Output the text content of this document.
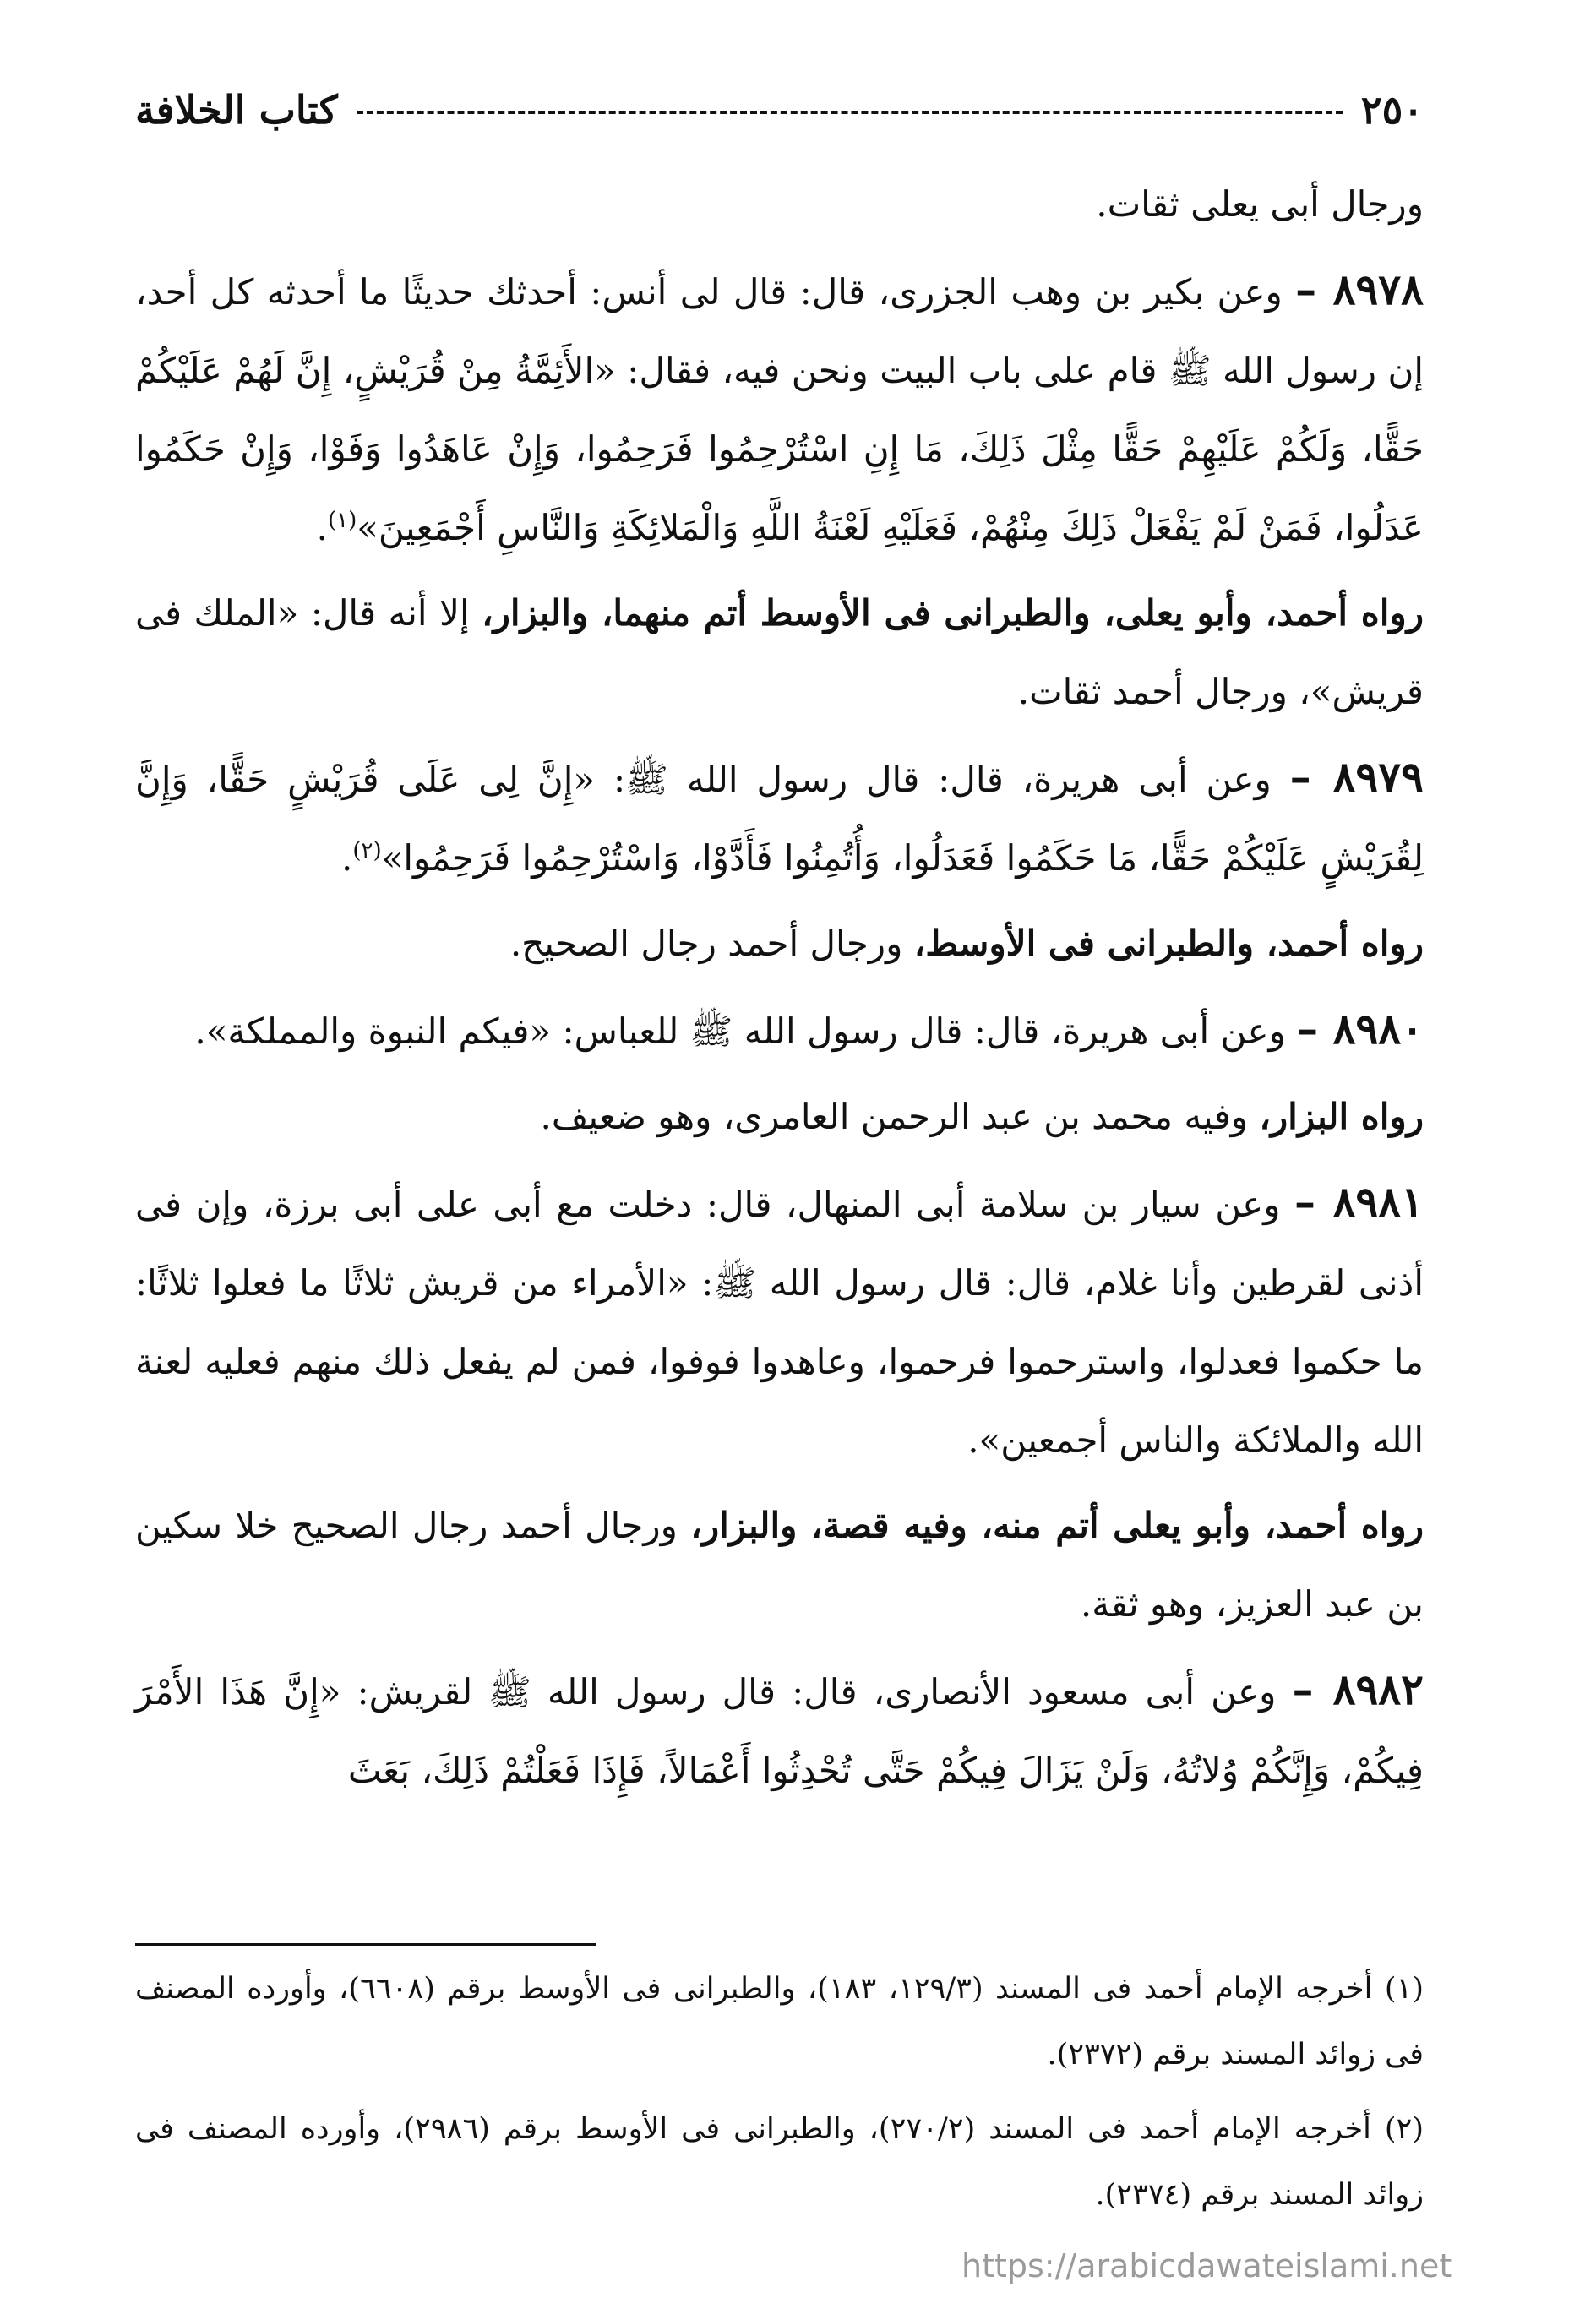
٢٥٠
كتاب الخلافة

ورجال أبى يعلى ثقات.

٨٩٧٨ – وعن بكير بن وهب الجزرى، قال: قال لى أنس: أحدثك حديثًا ما أحدثه كل أحد، إن رسول الله ﷺ قام على باب البيت ونحن فيه، فقال: «الأَئِمَّةُ مِنْ قُرَيْشٍ، إِنَّ لَهُمْ عَلَيْكُمْ حَقًّا، وَلَكُمْ عَلَيْهِمْ حَقًّا مِثْلَ ذَلِكَ، مَا إِنِ اسْتُرْحِمُوا فَرَحِمُوا، وَإِنْ عَاهَدُوا وَفَوْا، وَإِنْ حَكَمُوا عَدَلُوا، فَمَنْ لَمْ يَفْعَلْ ذَلِكَ مِنْهُمْ، فَعَلَيْهِ لَعْنَةُ اللَّهِ وَالْمَلائِكَةِ وَالنَّاسِ أَجْمَعِينَ»$^{(١)}$.

رواه أحمد، وأبو يعلى، والطبرانى فى الأوسط أتم منهما، والبزار، إلا أنه قال: «الملك فى قريش»، ورجال أحمد ثقات.

٨٩٧٩ – وعن أبى هريرة، قال: قال رسول الله ﷺ: «إِنَّ لِى عَلَى قُرَيْشٍ حَقًّا، وَإِنَّ لِقُرَيْشٍ عَلَيْكُمْ حَقًّا، مَا حَكَمُوا فَعَدَلُوا، وَأُتُمِنُوا فَأَدَّوْا، وَاسْتُرْحِمُوا فَرَحِمُوا»$^{(٢)}$.

رواه أحمد، والطبرانى فى الأوسط، ورجال أحمد رجال الصحيح.

٨٩٨٠ – وعن أبى هريرة، قال: قال رسول الله ﷺ للعباس: «فيكم النبوة والمملكة».

رواه البزار، وفيه محمد بن عبد الرحمن العامرى، وهو ضعيف.

٨٩٨١ – وعن سيار بن سلامة أبى المنهال، قال: دخلت مع أبى على أبى برزة، وإن فى أذنى لقرطين وأنا غلام، قال: قال رسول الله ﷺ: «الأمراء من قريش ثلاثًا ما فعلوا ثلاثًا: ما حكموا فعدلوا، واسترحموا فرحموا، وعاهدوا فوفوا، فمن لم يفعل ذلك منهم فعليه لعنة الله والملائكة والناس أجمعين».

رواه أحمد، وأبو يعلى أتم منه، وفيه قصة، والبزار، ورجال أحمد رجال الصحيح خلا سكين بن عبد العزيز، وهو ثقة.

٨٩٨٢ – وعن أبى مسعود الأنصارى، قال: قال رسول الله ﷺ لقريش: «إِنَّ هَذَا الأَمْرَ فِيكُمْ، وَإِنَّكُمْ وُلاتُهُ، وَلَنْ يَزَالَ فِيكُمْ حَتَّى تُحْدِثُوا أَعْمَالاً، فَإِذَا فَعَلْتُمْ ذَلِكَ، بَعَثَ

(١) أخرجه الإمام أحمد فى المسند (١٢٩/٣، ١٨٣)، والطبرانى فى الأوسط برقم (٦٦٠٨)، وأورده المصنف فى زوائد المسند برقم (٢٣٧٢).

(٢) أخرجه الإمام أحمد فى المسند (٢٧٠/٢)، والطبرانى فى الأوسط برقم (٢٩٨٦)، وأورده المصنف فى زوائد المسند برقم (٢٣٧٤).

https://arabicdawateislami.net
